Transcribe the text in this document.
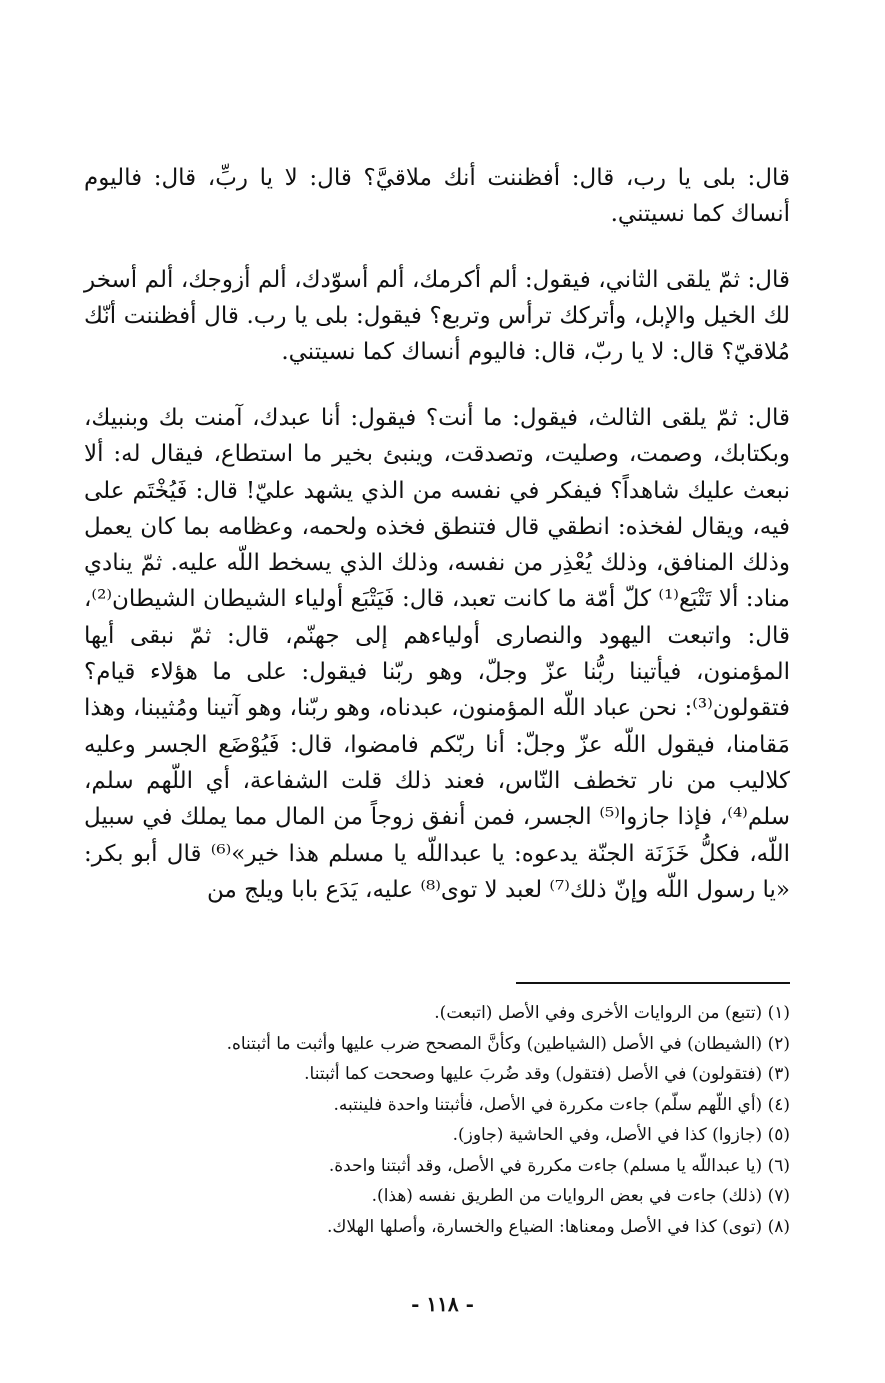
قال: بلى يا رب، قال: أفظننت أنك ملاقيَّ؟ قال: لا يا ربِّ، قال: فاليوم أنساك كما نسيتني.

قال: ثمّ يلقى الثاني، فيقول: ألم أكرمك، ألم أسوّدك، ألم أزوجك، ألم أسخر لك الخيل والإبل، وأتركك ترأس وتربع؟ فيقول: بلى يا رب. قال أفظننت أنّك مُلاقيّ؟ قال: لا يا ربّ، قال: فاليوم أنساك كما نسيتني.

قال: ثمّ يلقى الثالث، فيقول: ما أنت؟ فيقول: أنا عبدك، آمنت بك وبنبيك، وبكتابك، وصمت، وصليت، وتصدقت، وينبئ بخير ما استطاع، فيقال له: ألا نبعث عليك شاهداً؟ فيفكر في نفسه من الذي يشهد عليّ! قال: فَيُخْتَم على فيه، ويقال لفخذه: انطقي قال فتنطق فخذه ولحمه، وعظامه بما كان يعمل وذلك المنافق، وذلك يُعْذِر من نفسه، وذلك الذي يسخط اللّه عليه. ثمّ ينادي مناد: ألا تَتْبَع⁽¹⁾ كلّ أمّة ما كانت تعبد، قال: فَيَتْبَع أولياء الشيطان الشيطان⁽²⁾، قال: واتبعت اليهود والنصارى أولياءهم إلى جهنّم، قال: ثمّ نبقى أيها المؤمنون، فيأتينا ربُّنا عزّ وجلّ، وهو ربّنا فيقول: على ما هؤلاء قيام؟ فتقولون⁽³⁾: نحن عباد اللّه المؤمنون، عبدناه، وهو ربّنا، وهو آتينا ومُثيبنا، وهذا مَقامنا، فيقول اللّه عزّ وجلّ: أنا ربّكم فامضوا، قال: فَيُوْضَع الجسر وعليه كلاليب من نار تخطف النّاس، فعند ذلك قلت الشفاعة، أي اللّهم سلم، سلم⁽⁴⁾، فإذا جازوا⁽⁵⁾ الجسر، فمن أنفق زوجاً من المال مما يملك في سبيل اللّه، فكلُّ خَزَنَة الجنّة يدعوه: يا عبداللّه يا مسلم هذا خير»⁽⁶⁾ قال أبو بكر: «يا رسول اللّه وإنّ ذلك⁽⁷⁾ لعبد لا توى⁽⁸⁾ عليه، يَدَع بابا ويلج من

(١) (تتبع) من الروايات الأخرى وفي الأصل (اتبعت).
(٢) (الشيطان) في الأصل (الشياطين) وكأنَّ المصحح ضرب عليها وأثبت ما أثبتناه.
(٣) (فتقولون) في الأصل (فتقول) وقد ضُربَ عليها وصححت كما أثبتنا.
(٤) (أي اللّهم سلّم) جاءت مكررة في الأصل، فأثبتنا واحدة فلينتبه.
(٥) (جازوا) كذا في الأصل، وفي الحاشية (جاوز).
(٦) (يا عبداللّه يا مسلم) جاءت مكررة في الأصل، وقد أثبتنا واحدة.
(٧) (ذلك) جاءت في بعض الروايات من الطريق نفسه (هذا).
(٨) (توى) كذا في الأصل ومعناها: الضياع والخسارة، وأصلها الهلاك.
- ١١٨ -
